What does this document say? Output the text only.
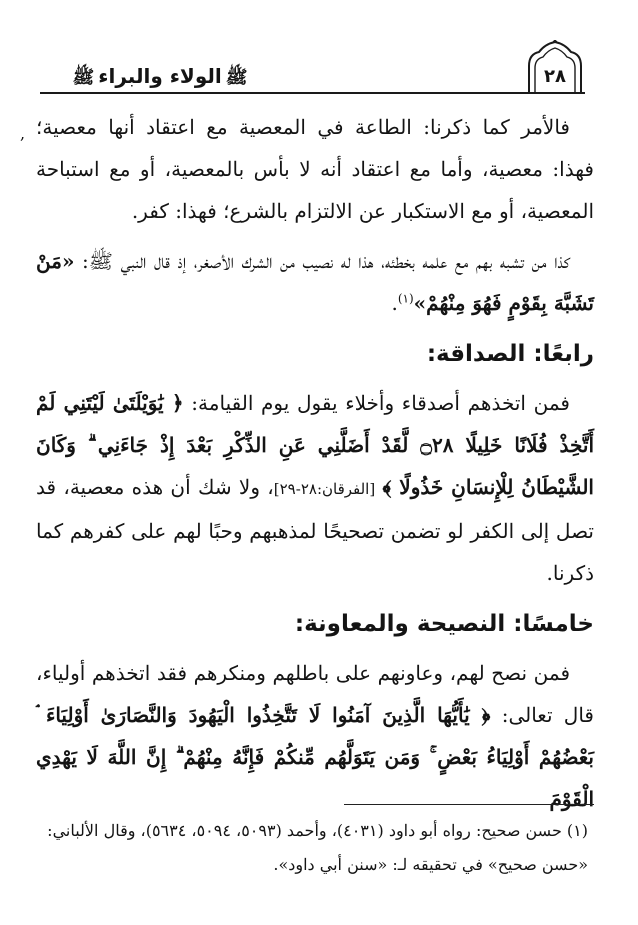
ﷺالولاء والبراءﷺ	٢٨
, فالأمر كما ذكرنا: الطاعة في المعصية مع اعتقاد أنها معصية؛ فهذا: معصية، وأما مع اعتقاد أنه لا بأس بالمعصية، أو مع استباحة المعصية، أو مع الاستكبار عن الالتزام بالشرع؛ فهذا: كفر.

كذا من تشبه بهم مع علمه بخطئه، هذا له نصيب من الشرك الأصغر، إذ قال النبي ﷺ: «مَنْ تَشَبَّهَ بِقَوْمٍ فَهُوَ مِنْهُمْ»$^{(١)}$.

رابعًا: الصداقة:

فمن اتخذهم أصدقاء وأخلاء يقول يوم القيامة: ﴿ يَٰوَيْلَتَىٰ لَيْتَنِي لَمْ أَتَّخِذْ فُلَانًا خَلِيلًا ۝٢٨ لَّقَدْ أَضَلَّنِي عَنِ الذِّكْرِ بَعْدَ إِذْ جَاءَنِي ۗ وَكَانَ الشَّيْطَانُ لِلْإِنسَانِ خَذُولًا ﴾ [الفرقان:٢٨-٢٩]، ولا شك أن هذه معصية، قد تصل إلى الكفر لو تضمن تصحيحًا لمذهبهم وحبًا لهم على كفرهم كما ذكرنا.

خامسًا: النصيحة والمعاونة:

فمن نصح لهم، وعاونهم على باطلهم ومنكرهم فقد اتخذهم أولياء، قال تعالى: ﴿ يَٰأَيُّهَا الَّذِينَ آمَنُوا لَا تَتَّخِذُوا الْيَهُودَ وَالنَّصَارَىٰ أَوْلِيَاءَ ۘ بَعْضُهُمْ أَوْلِيَاءُ بَعْضٍ ۚ وَمَن يَتَوَلَّهُم مِّنكُمْ فَإِنَّهُ مِنْهُمْ ۗ إِنَّ اللَّهَ لَا يَهْدِي الْقَوْمَ

(١) حسن صحيح: رواه أبو داود (٤٠٣١)، وأحمد (٥٠٩٣، ٥٠٩٤، ٥٦٣٤)، وقال الألباني: «حسن صحيح» في تحقيقه لـ: «سنن أبي داود».
